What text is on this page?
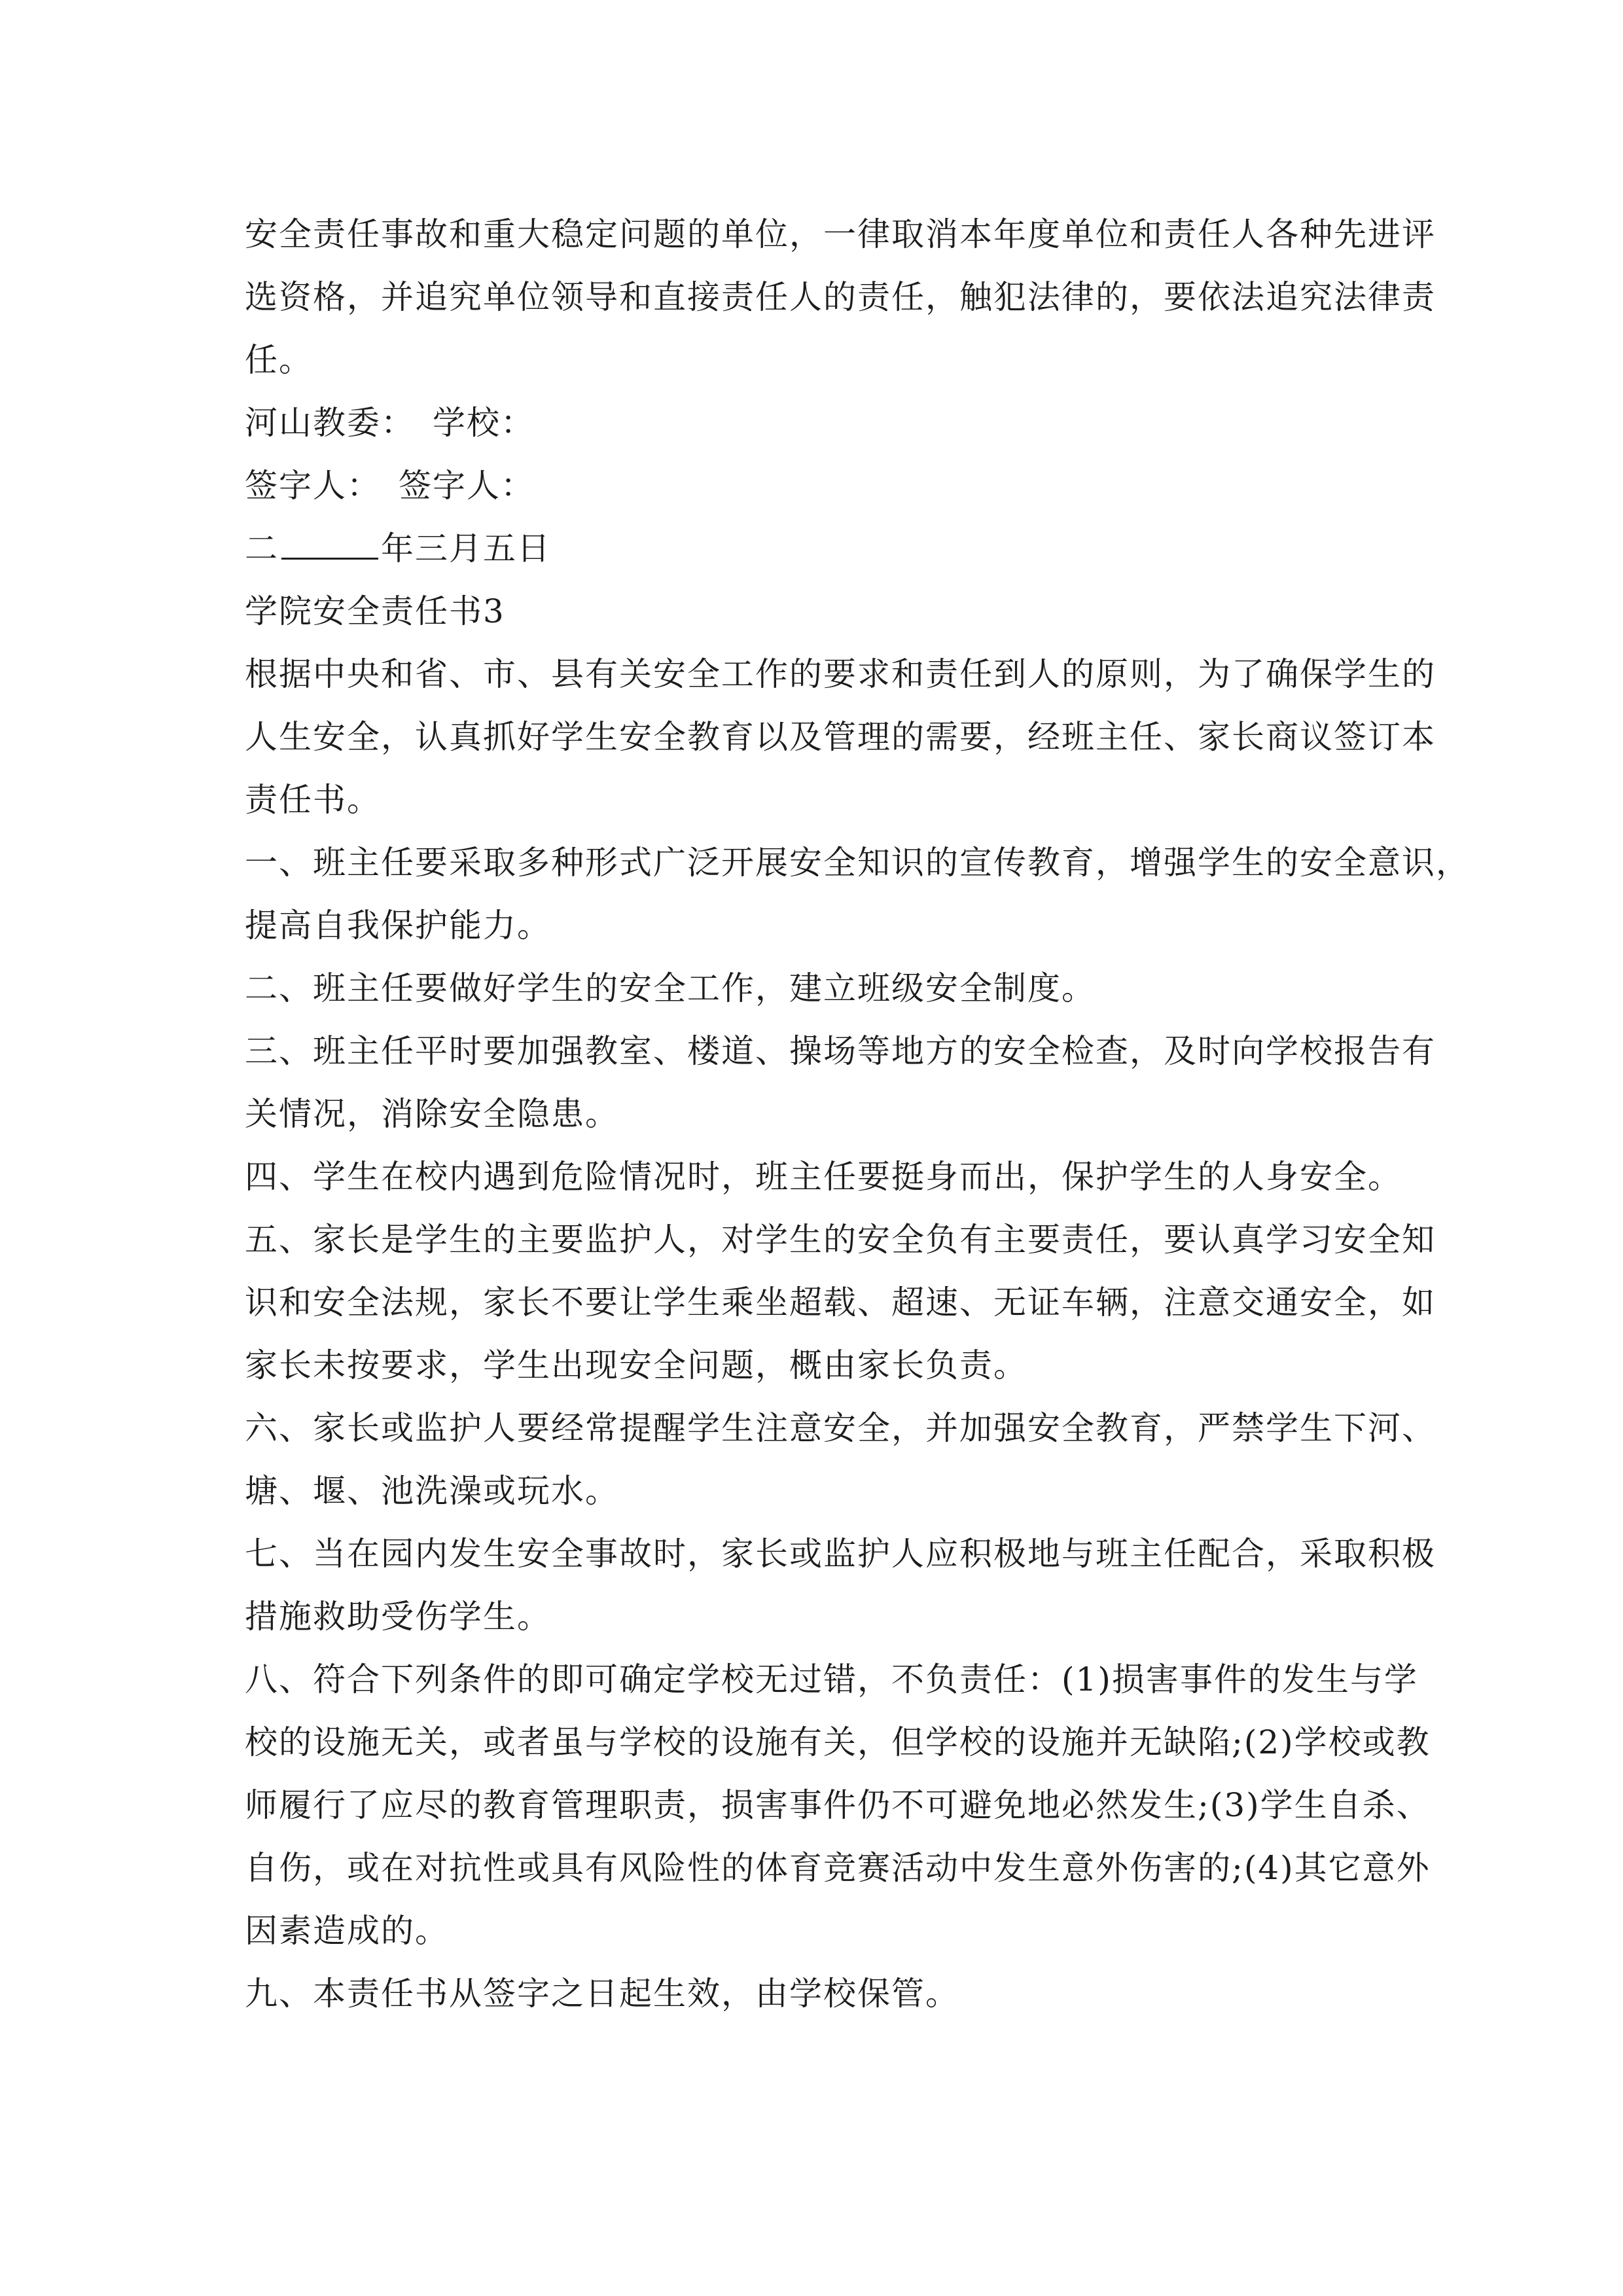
安全责任事故和重大稳定问题的单位，一律取消本年度单位和责任人各种先进评
选资格，并追究单位领导和直接责任人的责任，触犯法律的，要依法追究法律责
任。
河山教委：　学校：
签字人：　签字人：
二	年三月五日
学院安全责任书3
根据中央和省、市、县有关安全工作的要求和责任到人的原则，为了确保学生的
人生安全，认真抓好学生安全教育以及管理的需要，经班主任、家长商议签订本
责任书。
一、班主任要采取多种形式广泛开展安全知识的宣传教育，增强学生的安全意识，
提高自我保护能力。
二、班主任要做好学生的安全工作，建立班级安全制度。
三、班主任平时要加强教室、楼道、操场等地方的安全检查，及时向学校报告有
关情况，消除安全隐患。
四、学生在校内遇到危险情况时，班主任要挺身而出，保护学生的人身安全。
五、家长是学生的主要监护人，对学生的安全负有主要责任，要认真学习安全知
识和安全法规，家长不要让学生乘坐超载、超速、无证车辆，注意交通安全，如
家长未按要求，学生出现安全问题，概由家长负责。
六、家长或监护人要经常提醒学生注意安全，并加强安全教育，严禁学生下河、
塘、堰、池洗澡或玩水。
七、当在园内发生安全事故时，家长或监护人应积极地与班主任配合，采取积极
措施救助受伤学生。
八、符合下列条件的即可确定学校无过错，不负责任：(1)损害事件的发生与学
校的设施无关，或者虽与学校的设施有关，但学校的设施并无缺陷;(2)学校或教
师履行了应尽的教育管理职责，损害事件仍不可避免地必然发生;(3)学生自杀、
自伤，或在对抗性或具有风险性的体育竞赛活动中发生意外伤害的;(4)其它意外
因素造成的。
九、本责任书从签字之日起生效，由学校保管。
